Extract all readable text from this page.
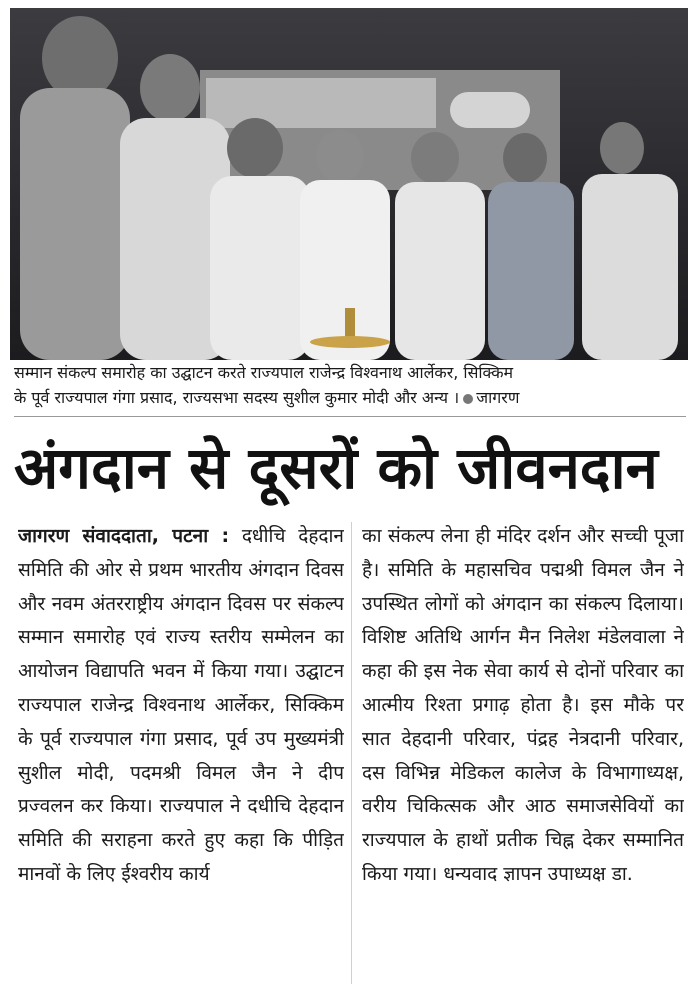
सम्मान संकल्प समारोह का उद्घाटन करते राज्यपाल राजेन्द्र विश्वनाथ आर्लेकर, सिक्किम
के पूर्व राज्यपाल गंगा प्रसाद, राज्यसभा सदस्य सुशील कुमार मोदी और अन्य । जागरण
अंगदान से दूसरों को जीवनदान
जागरण संवाददाता, पटना : दधीचि देहदान समिति की ओर से प्रथम भारतीय अंगदान दिवस और नवम अंतरराष्ट्रीय अंगदान दिवस पर संकल्प सम्मान समारोह एवं राज्य स्तरीय सम्मेलन का आयोजन विद्यापति भवन में किया गया। उद्घाटन राज्यपाल राजेन्द्र विश्वनाथ आर्लेकर, सिक्किम के पूर्व राज्यपाल गंगा प्रसाद, पूर्व उप मुख्यमंत्री सुशील मोदी, पदमश्री विमल जैन ने दीप प्रज्वलन कर किया। राज्यपाल ने दधीचि देहदान समिति की सराहना करते हुए कहा कि पीड़ित मानवों के लिए ईश्वरीय कार्य
का संकल्प लेना ही मंदिर दर्शन और सच्ची पूजा है। समिति के महासचिव पद्मश्री विमल जैन ने उपस्थित लोगों को अंगदान का संकल्प दिलाया। विशिष्ट अतिथि आर्गन मैन निलेश मंडेलवाला ने कहा की इस नेक सेवा कार्य से दोनों परिवार का आत्मीय रिश्ता प्रगाढ़ होता है। इस मौके पर सात देहदानी परिवार, पंद्रह नेत्रदानी परिवार, दस विभिन्न मेडिकल कालेज के विभागाध्यक्ष, वरीय चिकित्सक और आठ समाजसेवियों का राज्यपाल के हाथों प्रतीक चिह्न देकर सम्मानित किया गया। धन्यवाद ज्ञापन उपाध्यक्ष डा.
